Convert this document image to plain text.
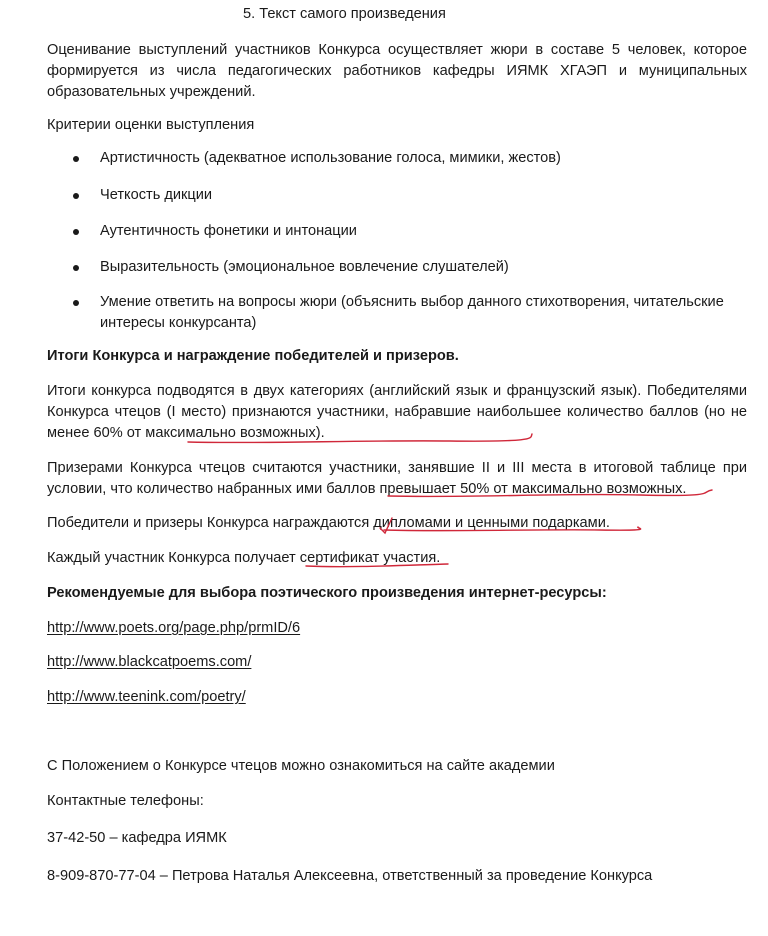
5. Текст самого произведения

Оценивание выступлений участников Конкурса осуществляет жюри в составе 5 человек, которое формируется из числа педагогических работников кафедры ИЯМК ХГАЭП и муниципальных образовательных учреждений.

Критерии оценки выступления

Артистичность (адекватное использование голоса, мимики, жестов)
Четкость дикции
Аутентичность фонетики и интонации
Выразительность (эмоциональное вовлечение слушателей)
Умение ответить на вопросы жюри (объяснить выбор данного стихотворения, читательские интересы конкурсанта)

Итоги Конкурса и награждение победителей и призеров.

Итоги конкурса подводятся в двух категориях (английский язык и французский язык). Победителями Конкурса чтецов (I место) признаются участники, набравшие наибольшее количество баллов (но не менее 60% от максимально возможных).

Призерами Конкурса чтецов считаются участники, занявшие II и III места в итоговой таблице при условии, что количество набранных ими баллов превышает 50% от максимально возможных.

Победители и призеры Конкурса награждаются дипломами и ценными подарками.

Каждый участник Конкурса получает сертификат участия.

Рекомендуемые для выбора поэтического произведения интернет-ресурсы:

http://www.poets.org/page.php/prmID/6
http://www.blackcatpoems.com/
http://www.teenink.com/poetry/

С Положением о Конкурсе чтецов можно ознакомиться на сайте академии

Контактные телефоны:

37-42-50 – кафедра ИЯМК

8-909-870-77-04 – Петрова Наталья Алексеевна, ответственный за проведение Конкурса
